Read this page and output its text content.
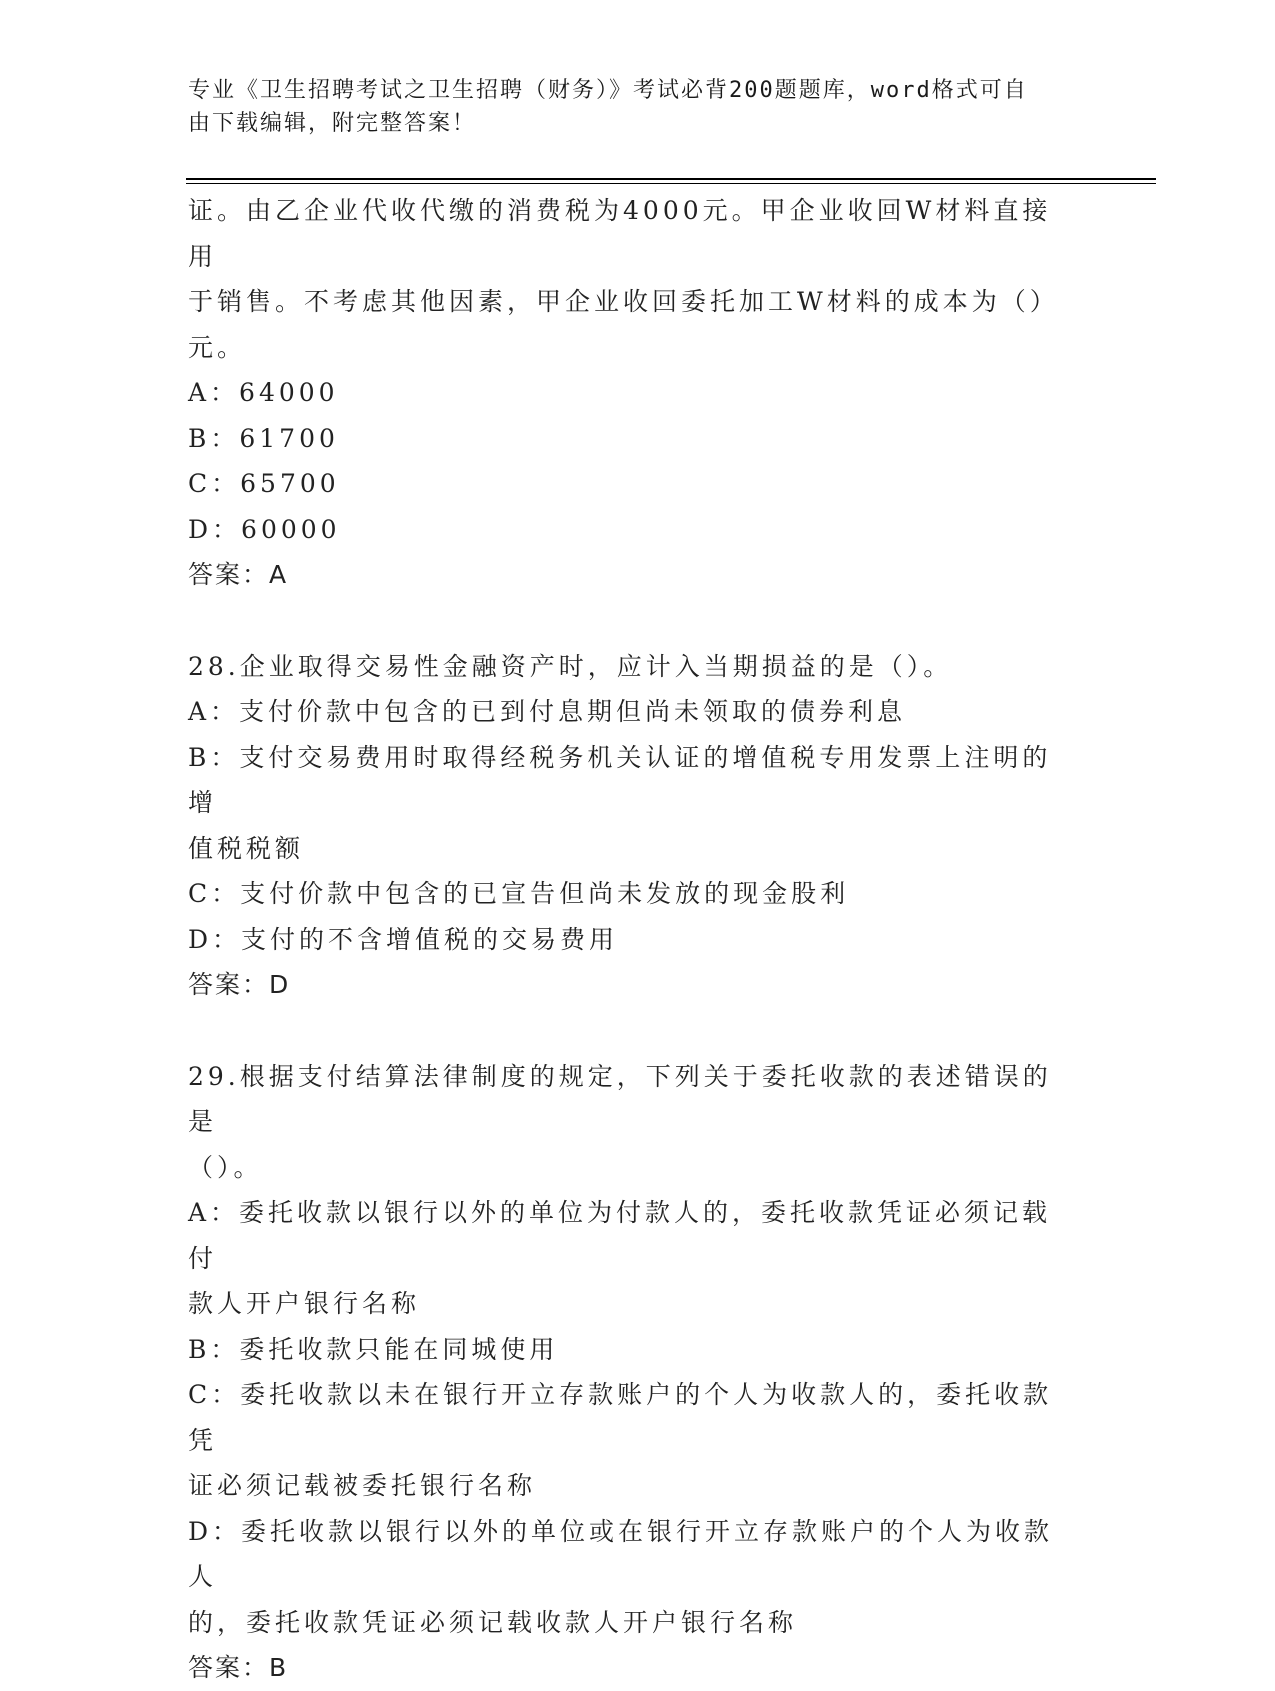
专业《卫生招聘考试之卫生招聘（财务）》考试必背200题题库，word格式可自
由下载编辑，附完整答案！
证。由乙企业代收代缴的消费税为4000元。甲企业收回W材料直接用
于销售。不考虑其他因素，甲企业收回委托加工W材料的成本为（）
元。
A：64000
B：61700
C：65700
D：60000
答案：A
28.企业取得交易性金融资产时，应计入当期损益的是（）。
A：支付价款中包含的已到付息期但尚未领取的债券利息
B：支付交易费用时取得经税务机关认证的增值税专用发票上注明的增
值税税额
C：支付价款中包含的已宣告但尚未发放的现金股利
D：支付的不含增值税的交易费用
答案：D
29.根据支付结算法律制度的规定，下列关于委托收款的表述错误的是
（）。
A：委托收款以银行以外的单位为付款人的，委托收款凭证必须记载付
款人开户银行名称
B：委托收款只能在同城使用
C：委托收款以未在银行开立存款账户的个人为收款人的，委托收款凭
证必须记载被委托银行名称
D：委托收款以银行以外的单位或在银行开立存款账户的个人为收款人
的，委托收款凭证必须记载收款人开户银行名称
答案：B
